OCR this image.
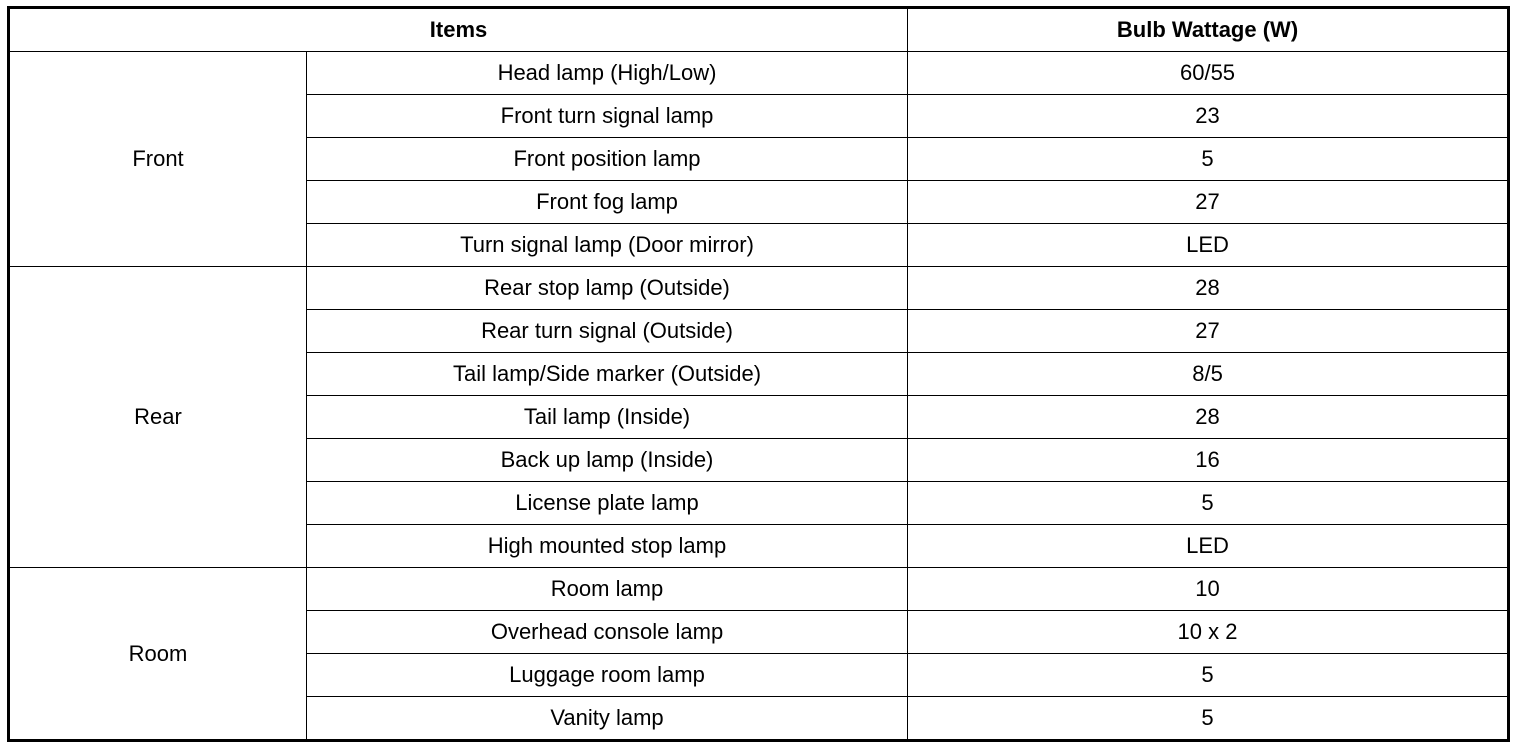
Items		Bulb Wattage (W)
Front	Head lamp (High/Low)	60/55
	Front turn signal lamp	23
	Front position lamp	5
	Front fog lamp	27
	Turn signal lamp (Door mirror)	LED
Rear	Rear stop lamp (Outside)	28
	Rear turn signal (Outside)	27
	Tail lamp/Side marker (Outside)	8/5
	Tail lamp (Inside)	28
	Back up lamp (Inside)	16
	License plate lamp	5
	High mounted stop lamp	LED
Room	Room lamp	10
	Overhead console lamp	10 x 2
	Luggage room lamp	5
	Vanity lamp	5
